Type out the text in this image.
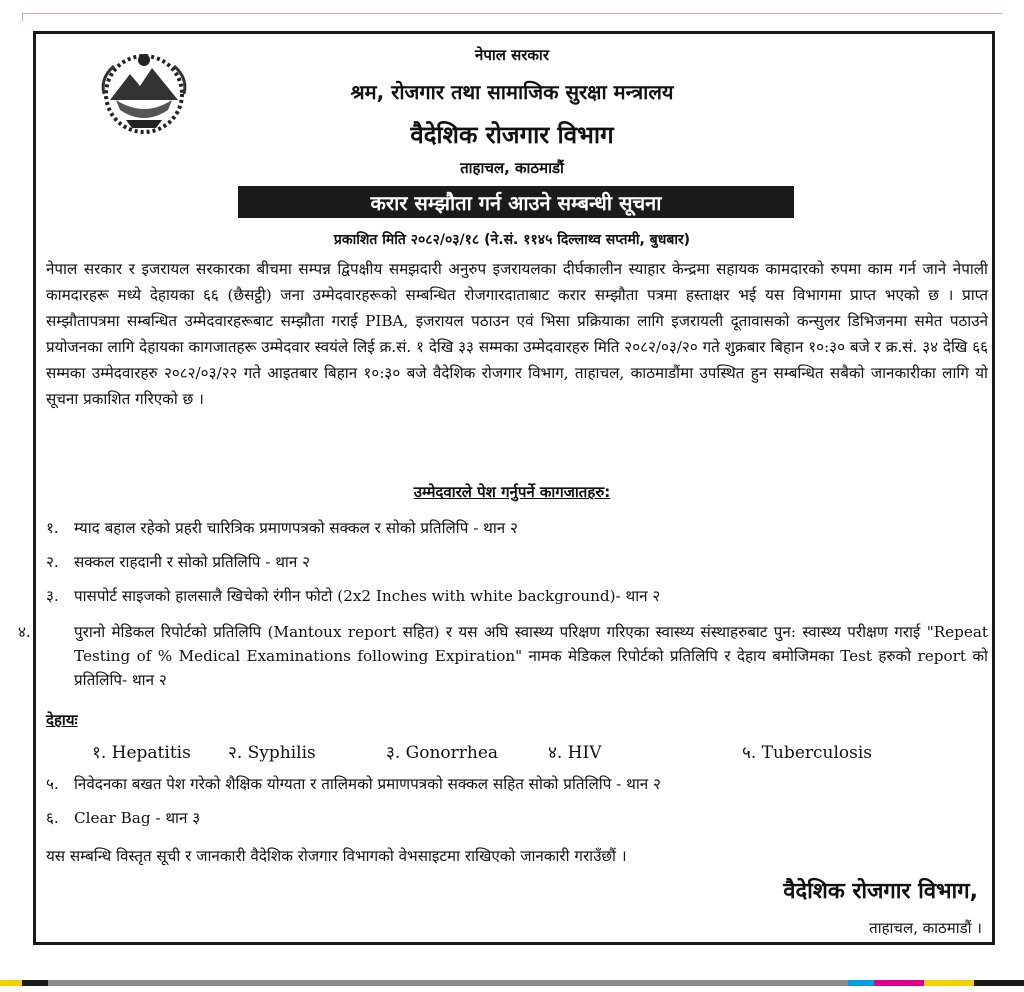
नेपाल सरकार
श्रम, रोजगार तथा सामाजिक सुरक्षा मन्त्रालय
वैदेशिक रोजगार विभाग
ताहाचल, काठमाडौं
करार सम्झौता गर्न आउने सम्बन्धी सूचना
प्रकाशित मिति २०८२/०३/१८ (ने.सं. ११४५ दिल्लाथ्व सप्तमी, बुधबार)

नेपाल सरकार र इजरायल सरकारका बीचमा सम्पन्न द्विपक्षीय समझदारी अनुरुप इजरायलका दीर्घकालीन स्याहार केन्द्रमा सहायक कामदारको रुपमा काम गर्न जाने नेपाली कामदारहरू मध्ये देहायका ६६ (छैसट्ठी) जना उम्मेदवारहरूको सम्बन्धित रोजगारदाताबाट करार सम्झौता पत्रमा हस्ताक्षर भई यस विभागमा प्राप्त भएको छ । प्राप्त सम्झौतापत्रमा सम्बन्धित उम्मेदवारहरूबाट सम्झौता गराई PIBA, इजरायल पठाउन एवं भिसा प्रक्रियाका लागि इजरायली दूतावासको कन्सुलर डिभिजनमा समेत पठाउने प्रयोजनका लागि देहायका कागजातहरू उम्मेदवार स्वयंले लिई क्र.सं. १ देखि ३३ सम्मका उम्मेदवारहरु मिति २०८२/०३/२० गते शुक्रबार बिहान १०:३० बजे र क्र.सं. ३४ देखि ६६ सम्मका उम्मेदवारहरु २०८२/०३/२२ गते आइतबार बिहान १०:३० बजे वैदेशिक रोजगार विभाग, ताहाचल, काठमाडौंमा उपस्थित हुन सम्बन्धित सबैको जानकारीका लागि यो सूचना प्रकाशित गरिएको छ ।

उम्मेदवारले पेश गर्नुपर्ने कागजातहरु:

१. म्याद बहाल रहेको प्रहरी चारित्रिक प्रमाणपत्रको सक्कल र सोको प्रतिलिपि - थान २

२. सक्कल राहदानी र सोको प्रतिलिपि - थान २

३. पासपोर्ट साइजको हालसालै खिचेको रंगीन फोटो (2x2 Inches with white background)- थान २

४.	पुरानो मेडिकल रिपोर्टको प्रतिलिपि (Mantoux report सहित) र यस अघि स्वास्थ्य परिक्षण गरिएका स्वास्थ्य संस्थाहरुबाट पुन: स्वास्थ्य परीक्षण गराई "Repeat Testing of % Medical Examinations following Expiration" नामक मेडिकल रिपोर्टको प्रतिलिपि र देहाय बमोजिमका Test हरुको report को प्रतिलिपि- थान २

देहायः
१. Hepatitis २. Syphilis	३. Gonorrhea	४. HIV	५. Tuberculosis

५. निवेदनका बखत पेश गरेको शैक्षिक योग्यता र तालिमको प्रमाणपत्रको सक्कल सहित सोको प्रतिलिपि - थान २

६. Clear Bag - थान ३

यस सम्बन्धि विस्तृत सूची र जानकारी वैदेशिक रोजगार विभागको वेभसाइटमा राखिएको जानकारी गराउँछौं ।
वैदेशिक रोजगार विभाग,
ताहाचल, काठमाडौं ।
